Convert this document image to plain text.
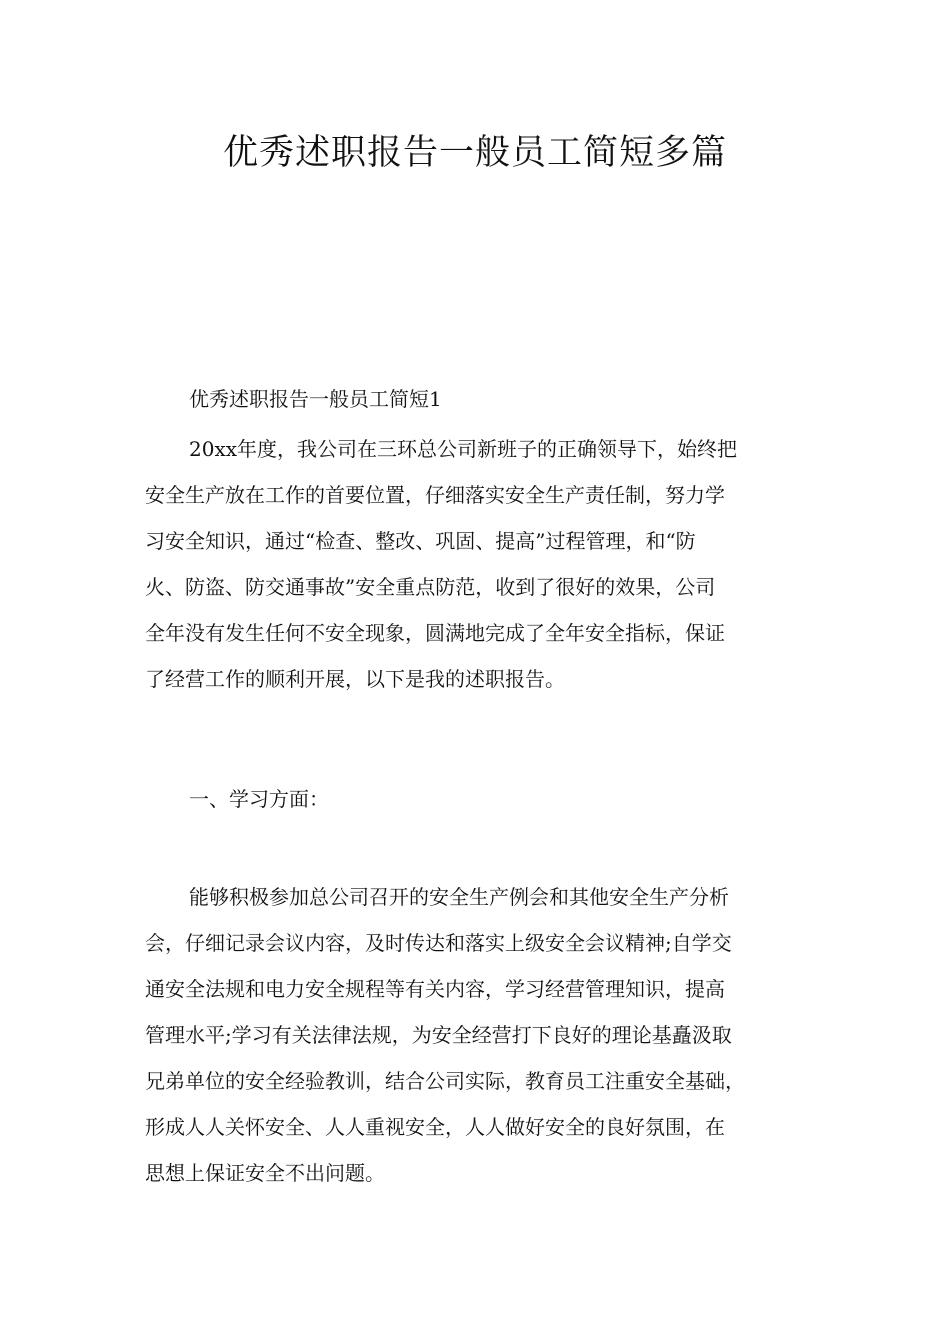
优秀述职报告一般员工简短多篇

优秀述职报告一般员工简短1

20xx年度，我公司在三环总公司新班子的正确领导下，始终把
安全生产放在工作的首要位置，仔细落实安全生产责任制，努力学
习安全知识，通过“检查、整改、巩固、提高”过程管理，和“防
火、防盗、防交通事故”安全重点防范，收到了很好的效果，公司
全年没有发生任何不安全现象，圆满地完成了全年安全指标，保证
了经营工作的顺利开展，以下是我的述职报告。

一、学习方面：

能够积极参加总公司召开的安全生产例会和其他安全生产分析
会，仔细记录会议内容，及时传达和落实上级安全会议精神;自学交
通安全法规和电力安全规程等有关内容，学习经营管理知识，提高
管理水平;学习有关法律法规，为安全经营打下良好的理论基矗汲取
兄弟单位的安全经验教训，结合公司实际，教育员工注重安全基础，
形成人人关怀安全、人人重视安全，人人做好安全的良好氛围，在
思想上保证安全不出问题。
